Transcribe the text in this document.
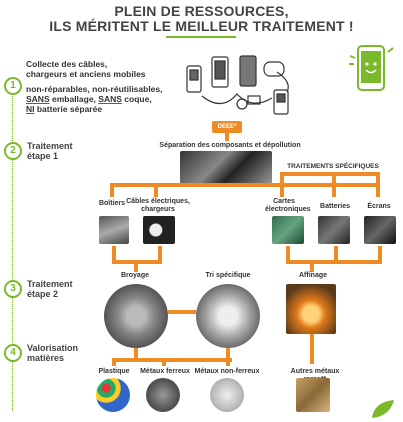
PLEIN DE RESSOURCES,
ILS MÉRITENT LE MEILLEUR TRAITEMENT !
1
Collecte des câbles,
chargeurs et anciens mobiles
non-réparables, non-réutilisables,
SANS emballage, SANS coque,
NI batterie séparée
DEEE*
2	Traitement
étape 1
Séparation des composants et dépollution
TRAITEMENTS SPÉCIFIQUES
Boîtiers Câbles électriques, chargeurs
Cartes électroniques Batteries	Écrans
3	Traitement
étape 2
Broyage	Tri spécifique	Affinage
4	Valorisation
matières
Plastique	Métaux ferreux Métaux non-ferreux	Autres métaux
